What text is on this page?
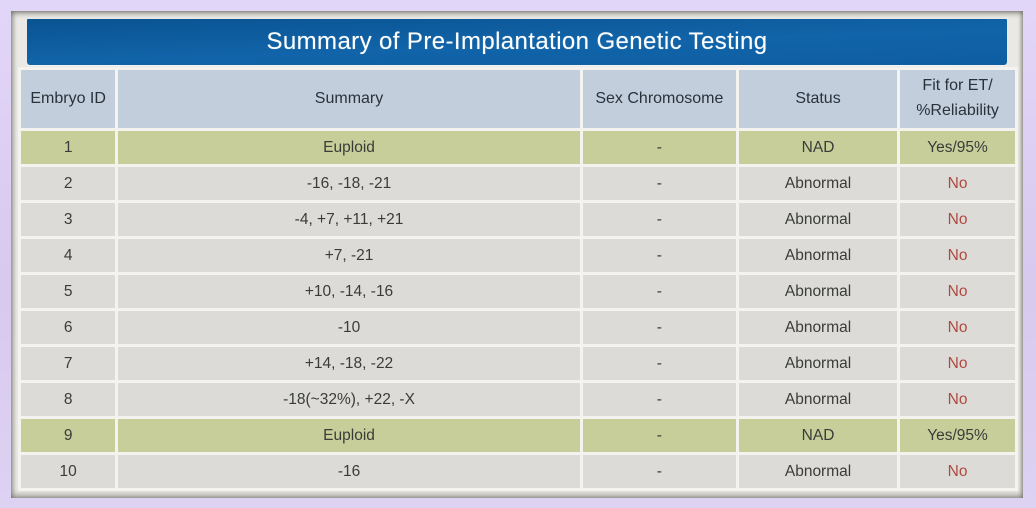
Summary of Pre-Implantation Genetic Testing
Embryo ID	Summary	Sex Chromosome	Status	Fit for ET/
%Reliability

1	Euploid	-	NAD	Yes/95%
2	-16, -18, -21	-	Abnormal	No
3	-4, +7, +11, +21	-	Abnormal	No
4	+7, -21	-	Abnormal	No
5	+10, -14, -16	-	Abnormal	No
6	-10	-	Abnormal	No
7	+14, -18, -22	-	Abnormal	No
8	-18(~32%), +22, -X	-	Abnormal	No
9	Euploid	-	NAD	Yes/95%
10	-16	-	Abnormal	No
